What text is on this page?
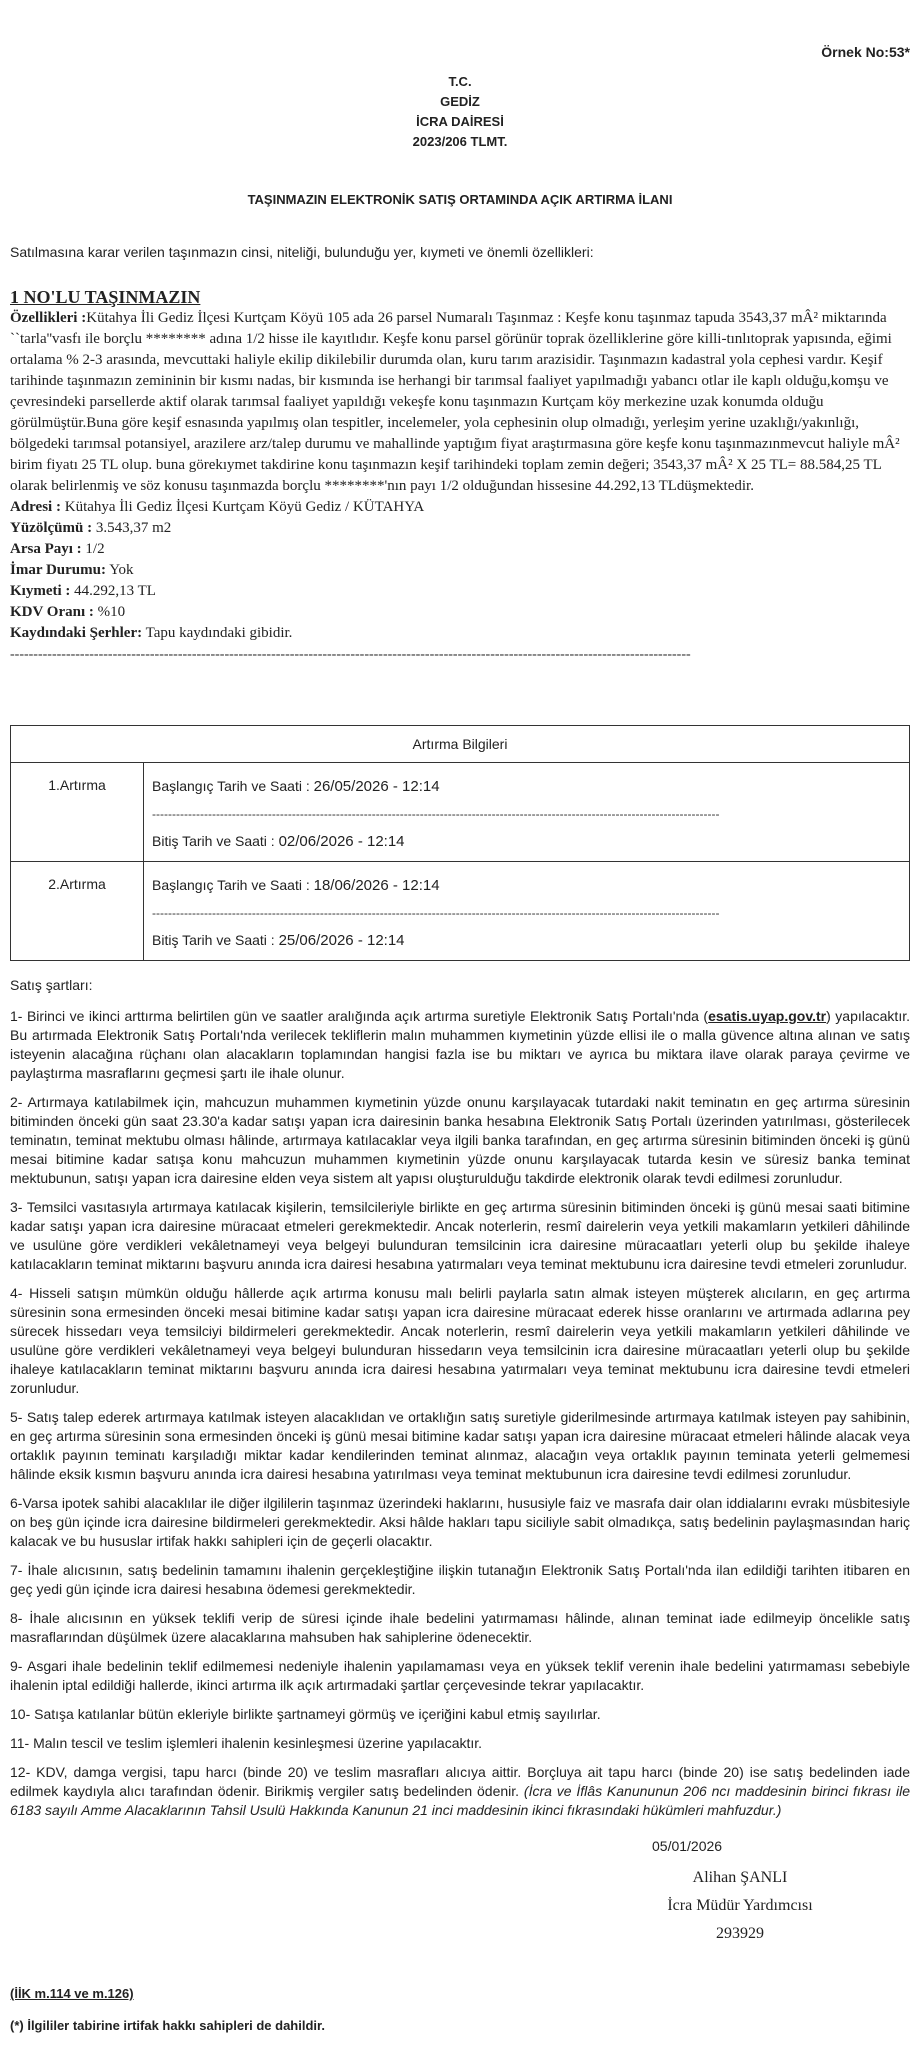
Örnek No:53*
T.C.
GEDİZ
İCRA DAİRESİ
2023/206 TLMT.
TAŞINMAZIN ELEKTRONİK SATIŞ ORTAMINDA AÇIK ARTIRMA İLANI
Satılmasına karar verilen taşınmazın cinsi, niteliği, bulunduğu yer, kıymeti ve önemli özellikleri:
1 NO'LU TAŞINMAZIN

Özellikleri :Kütahya İli Gediz İlçesi Kurtçam Köyü 105 ada 26 parsel Numaralı Taşınmaz : Keşfe konu taşınmaz tapuda 3543,37 mÂ² miktarında ``tarla''vasfı ile borçlu ******** adına 1/2 hisse ile kayıtlıdır. Keşfe konu parsel görünür toprak özelliklerine göre killi-tınlıtoprak yapısında, eğimi ortalama % 2-3 arasında, mevcuttaki haliyle ekilip dikilebilir durumda olan, kuru tarım arazisidir. Taşınmazın kadastral yola cephesi vardır. Keşif tarihinde taşınmazın zemininin bir kısmı nadas, bir kısmında ise herhangi bir tarımsal faaliyet yapılmadığı yabancı otlar ile kaplı olduğu,komşu ve çevresindeki parsellerde aktif olarak tarımsal faaliyet yapıldığı vekeşfe konu taşınmazın Kurtçam köy merkezine uzak konumda olduğu görülmüştür.Buna göre keşif esnasında yapılmış olan tespitler, incelemeler, yola cephesinin olup olmadığı, yerleşim yerine uzaklığı/yakınlığı, bölgedeki tarımsal potansiyel, arazilere arz/talep durumu ve mahallinde yaptığım fiyat araştırmasına göre keşfe konu taşınmazınmevcut haliyle mÂ² birim fiyatı 25 TL olup. buna görekıymet takdirine konu taşınmazın keşif tarihindeki toplam zemin değeri; 3543,37 mÂ² X 25 TL= 88.584,25 TL olarak belirlenmiş ve söz konusu taşınmazda borçlu ********'nın payı 1/2 olduğundan hissesine 44.292,13 TLdüşmektedir.

Adresi : Kütahya İli Gediz İlçesi Kurtçam Köyü Gediz / KÜTAHYA

Yüzölçümü : 3.543,37 m2

Arsa Payı : 1/2

İmar Durumu: Yok

Kıymeti : 44.292,13 TL

KDV Oranı : %10

Kaydındaki Şerhler: Tapu kaydındaki gibidir.

--------------------------------------------------------------------------------------------------------------------------------------------------
Artırma Bilgileri	
1.Artırma	Başlangıç Tarih ve Saati : 26/05/2026 - 12:14
----------------------------------------------------------------------------------------------------------------------------------------------
Bitiş Tarih ve Saati : 02/06/2026 - 12:14

2.Artırma	Başlangıç Tarih ve Saati : 18/06/2026 - 12:14
----------------------------------------------------------------------------------------------------------------------------------------------
Bitiş Tarih ve Saati : 25/06/2026 - 12:14

Satış şartları:

1- Birinci ve ikinci arttırma belirtilen gün ve saatler aralığında açık artırma suretiyle Elektronik Satış Portalı'nda (esatis.uyap.gov.tr) yapılacaktır. Bu artırmada Elektronik Satış Portalı'nda verilecek tekliflerin malın muhammen kıymetinin yüzde ellisi ile o malla güvence altına alınan ve satış isteyenin alacağına rüçhanı olan alacakların toplamından hangisi fazla ise bu miktarı ve ayrıca bu miktara ilave olarak paraya çevirme ve paylaştırma masraflarını geçmesi şartı ile ihale olunur.

2- Artırmaya katılabilmek için, mahcuzun muhammen kıymetinin yüzde onunu karşılayacak tutardaki nakit teminatın en geç artırma süresinin bitiminden önceki gün saat 23.30'a kadar satışı yapan icra dairesinin banka hesabına Elektronik Satış Portalı üzerinden yatırılması, gösterilecek teminatın, teminat mektubu olması hâlinde, artırmaya katılacaklar veya ilgili banka tarafından, en geç artırma süresinin bitiminden önceki iş günü mesai bitimine kadar satışa konu mahcuzun muhammen kıymetinin yüzde onunu karşılayacak tutarda kesin ve süresiz banka teminat mektubunun, satışı yapan icra dairesine elden veya sistem alt yapısı oluşturulduğu takdirde elektronik olarak tevdi edilmesi zorunludur.

3- Temsilci vasıtasıyla artırmaya katılacak kişilerin, temsilcileriyle birlikte en geç artırma süresinin bitiminden önceki iş günü mesai saati bitimine kadar satışı yapan icra dairesine müracaat etmeleri gerekmektedir. Ancak noterlerin, resmî dairelerin veya yetkili makamların yetkileri dâhilinde ve usulüne göre verdikleri vekâletnameyi veya belgeyi bulunduran temsilcinin icra dairesine müracaatları yeterli olup bu şekilde ihaleye katılacakların teminat miktarını başvuru anında icra dairesi hesabına yatırmaları veya teminat mektubunu icra dairesine tevdi etmeleri zorunludur.

4- Hisseli satışın mümkün olduğu hâllerde açık artırma konusu malı belirli paylarla satın almak isteyen müşterek alıcıların, en geç artırma süresinin sona ermesinden önceki mesai bitimine kadar satışı yapan icra dairesine müracaat ederek hisse oranlarını ve artırmada adlarına pey sürecek hissedarı veya temsilciyi bildirmeleri gerekmektedir. Ancak noterlerin, resmî dairelerin veya yetkili makamların yetkileri dâhilinde ve usulüne göre verdikleri vekâletnameyi veya belgeyi bulunduran hissedarın veya temsilcinin icra dairesine müracaatları yeterli olup bu şekilde ihaleye katılacakların teminat miktarını başvuru anında icra dairesi hesabına yatırmaları veya teminat mektubunu icra dairesine tevdi etmeleri zorunludur.

5- Satış talep ederek artırmaya katılmak isteyen alacaklıdan ve ortaklığın satış suretiyle giderilmesinde artırmaya katılmak isteyen pay sahibinin, en geç artırma süresinin sona ermesinden önceki iş günü mesai bitimine kadar satışı yapan icra dairesine müracaat etmeleri hâlinde alacak veya ortaklık payının teminatı karşıladığı miktar kadar kendilerinden teminat alınmaz, alacağın veya ortaklık payının teminata yeterli gelmemesi hâlinde eksik kısmın başvuru anında icra dairesi hesabına yatırılması veya teminat mektubunun icra dairesine tevdi edilmesi zorunludur.

6-Varsa ipotek sahibi alacaklılar ile diğer ilgililerin taşınmaz üzerindeki haklarını, hususiyle faiz ve masrafa dair olan iddialarını evrakı müsbitesiyle on beş gün içinde icra dairesine bildirmeleri gerekmektedir. Aksi hâlde hakları tapu siciliyle sabit olmadıkça, satış bedelinin paylaşmasından hariç kalacak ve bu hususlar irtifak hakkı sahipleri için de geçerli olacaktır.

7- İhale alıcısının, satış bedelinin tamamını ihalenin gerçekleştiğine ilişkin tutanağın Elektronik Satış Portalı'nda ilan edildiği tarihten itibaren en geç yedi gün içinde icra dairesi hesabına ödemesi gerekmektedir.

8- İhale alıcısının en yüksek teklifi verip de süresi içinde ihale bedelini yatırmaması hâlinde, alınan teminat iade edilmeyip öncelikle satış masraflarından düşülmek üzere alacaklarına mahsuben hak sahiplerine ödenecektir.

9- Asgari ihale bedelinin teklif edilmemesi nedeniyle ihalenin yapılamaması veya en yüksek teklif verenin ihale bedelini yatırmaması sebebiyle ihalenin iptal edildiği hallerde, ikinci artırma ilk açık artırmadaki şartlar çerçevesinde tekrar yapılacaktır.

10- Satışa katılanlar bütün ekleriyle birlikte şartnameyi görmüş ve içeriğini kabul etmiş sayılırlar.

11- Malın tescil ve teslim işlemleri ihalenin kesinleşmesi üzerine yapılacaktır.

12- KDV, damga vergisi, tapu harcı (binde 20) ve teslim masrafları alıcıya aittir. Borçluya ait tapu harcı (binde 20) ise satış bedelinden iade edilmek kaydıyla alıcı tarafından ödenir. Birikmiş vergiler satış bedelinden ödenir. (İcra ve İflâs Kanununun 206 ncı maddesinin birinci fıkrası ile 6183 sayılı Amme Alacaklarının Tahsil Usulü Hakkında Kanunun 21 inci maddesinin ikinci fıkrasındaki hükümleri mahfuzdur.)

05/01/2026
Alihan ŞANLI
İcra Müdür Yardımcısı
293929
(İİK m.114 ve m.126)
(*) İlgililer tabirine irtifak hakkı sahipleri de dahildir.
